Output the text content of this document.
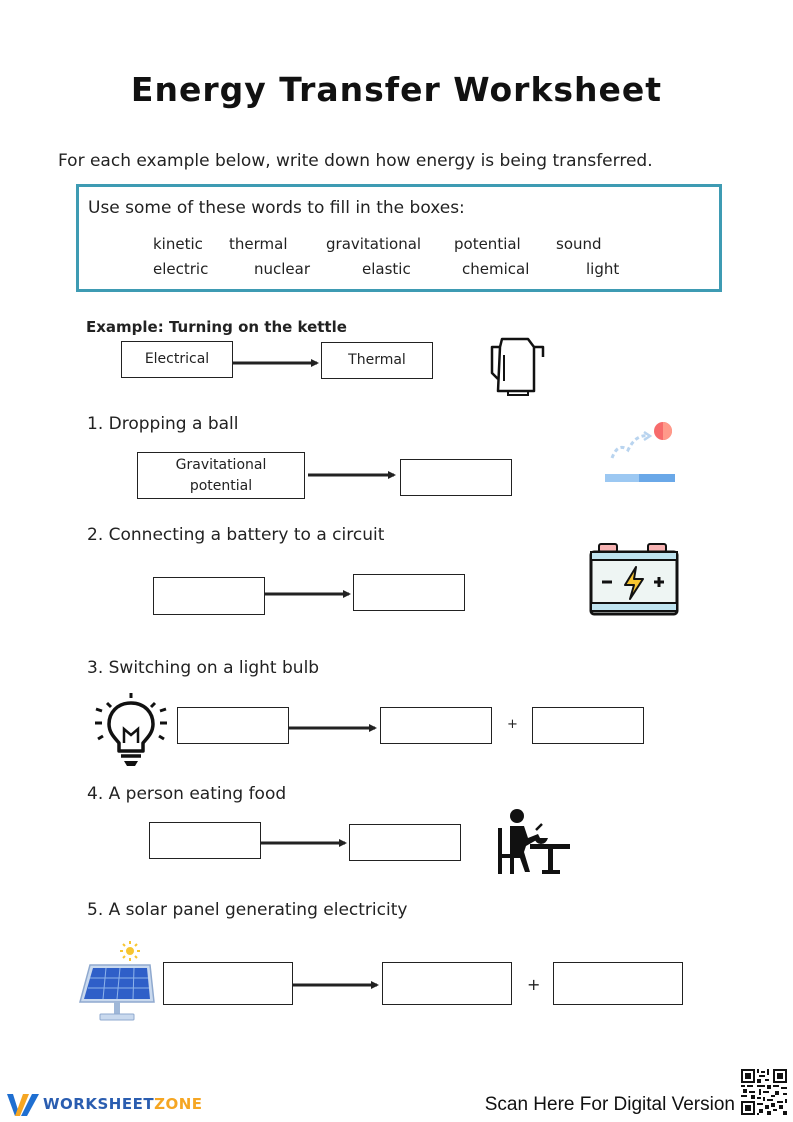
Energy Transfer Worksheet
For each example below, write down how energy is being transferred.
Use some of these words to fill in the boxes:
kinetic thermal	gravitational potential sound
electric	nuclear	elastic	chemical	light
Example: Turning on the kettle
Electrical	Thermal
1. Dropping a ball
Gravitational
potential
2. Connecting a battery to a circuit
3. Switching on a light bulb
+
4. A person eating food
5. A solar panel generating electricity
+
WORKSHEETZONE	Scan Here For Digital Version
